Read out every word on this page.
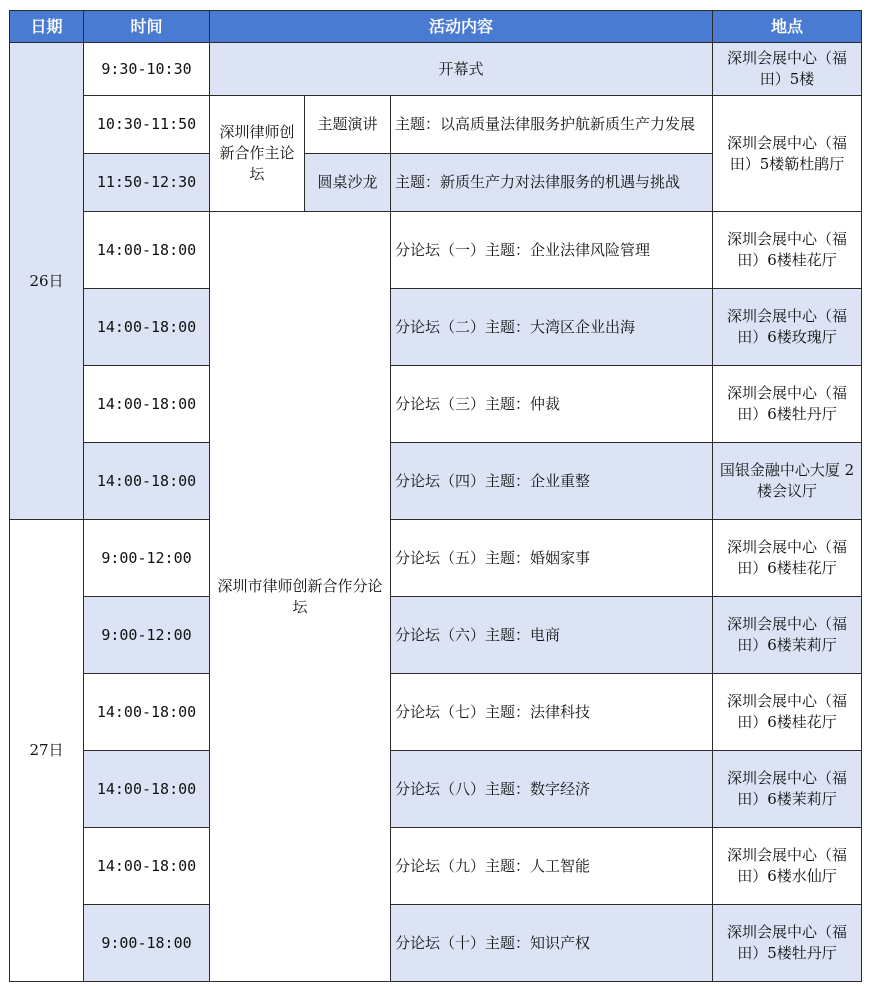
日期	时间	活动内容			地点
26日	9:30-10:30	开幕式			深圳会展中心（福田）5楼
	10:30-11:50	深圳律师创新合作主论坛	主题演讲	主题：以高质量法律服务护航新质生产力发展	深圳会展中心（福田）5楼簕杜鹃厅
	11:50-12:30		圆桌沙龙	主题：新质生产力对法律服务的机遇与挑战	
	14:00-18:00	深圳市律师创新合作分论坛		分论坛（一）主题：企业法律风险管理	深圳会展中心（福田）6楼桂花厅
	14:00-18:00			分论坛（二）主题：大湾区企业出海	深圳会展中心（福田）6楼玫瑰厅
	14:00-18:00			分论坛（三）主题：仲裁	深圳会展中心（福田）6楼牡丹厅
	14:00-18:00			分论坛（四）主题：企业重整	国银金融中心大厦 2 楼会议厅
27日	9:00-12:00			分论坛（五）主题：婚姻家事	深圳会展中心（福田）6楼桂花厅
	9:00-12:00			分论坛（六）主题：电商	深圳会展中心（福田）6楼茉莉厅
	14:00-18:00			分论坛（七）主题：法律科技	深圳会展中心（福田）6楼桂花厅
	14:00-18:00			分论坛（八）主题：数字经济	深圳会展中心（福田）6楼茉莉厅
	14:00-18:00			分论坛（九）主题：人工智能	深圳会展中心（福田）6楼水仙厅
	9:00-18:00			分论坛（十）主题：知识产权	深圳会展中心（福田）5楼牡丹厅
